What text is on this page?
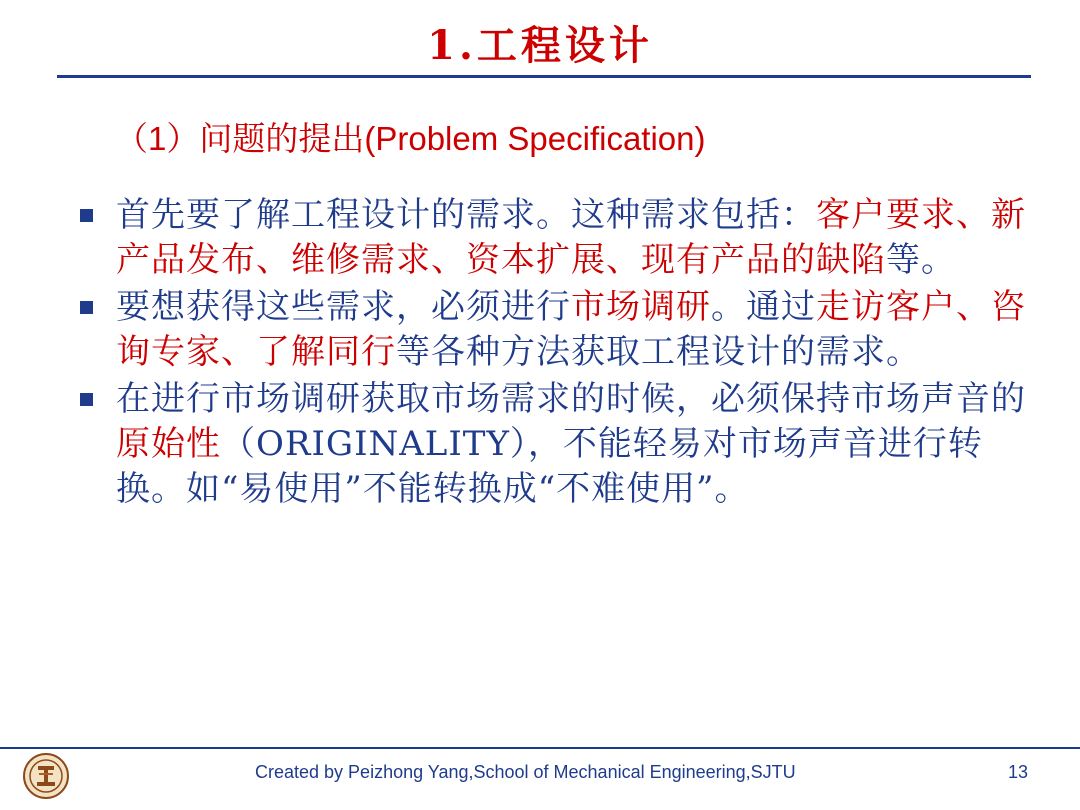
1.工程设计
（1）问题的提出(Problem Specification)
首先要了解工程设计的需求。这种需求包括：客户要求、新产品发布、维修需求、资本扩展、现有产品的缺陷等。
要想获得这些需求，必须进行市场调研。通过走访客户、咨询专家、了解同行等各种方法获取工程设计的需求。
在进行市场调研获取市场需求的时候，必须保持市场声音的原始性（ORIGINALITY），不能轻易对市场声音进行转换。如“易使用”不能转换成“不难使用”。
Created by Peizhong Yang,School of Mechanical Engineering,SJTU	13
